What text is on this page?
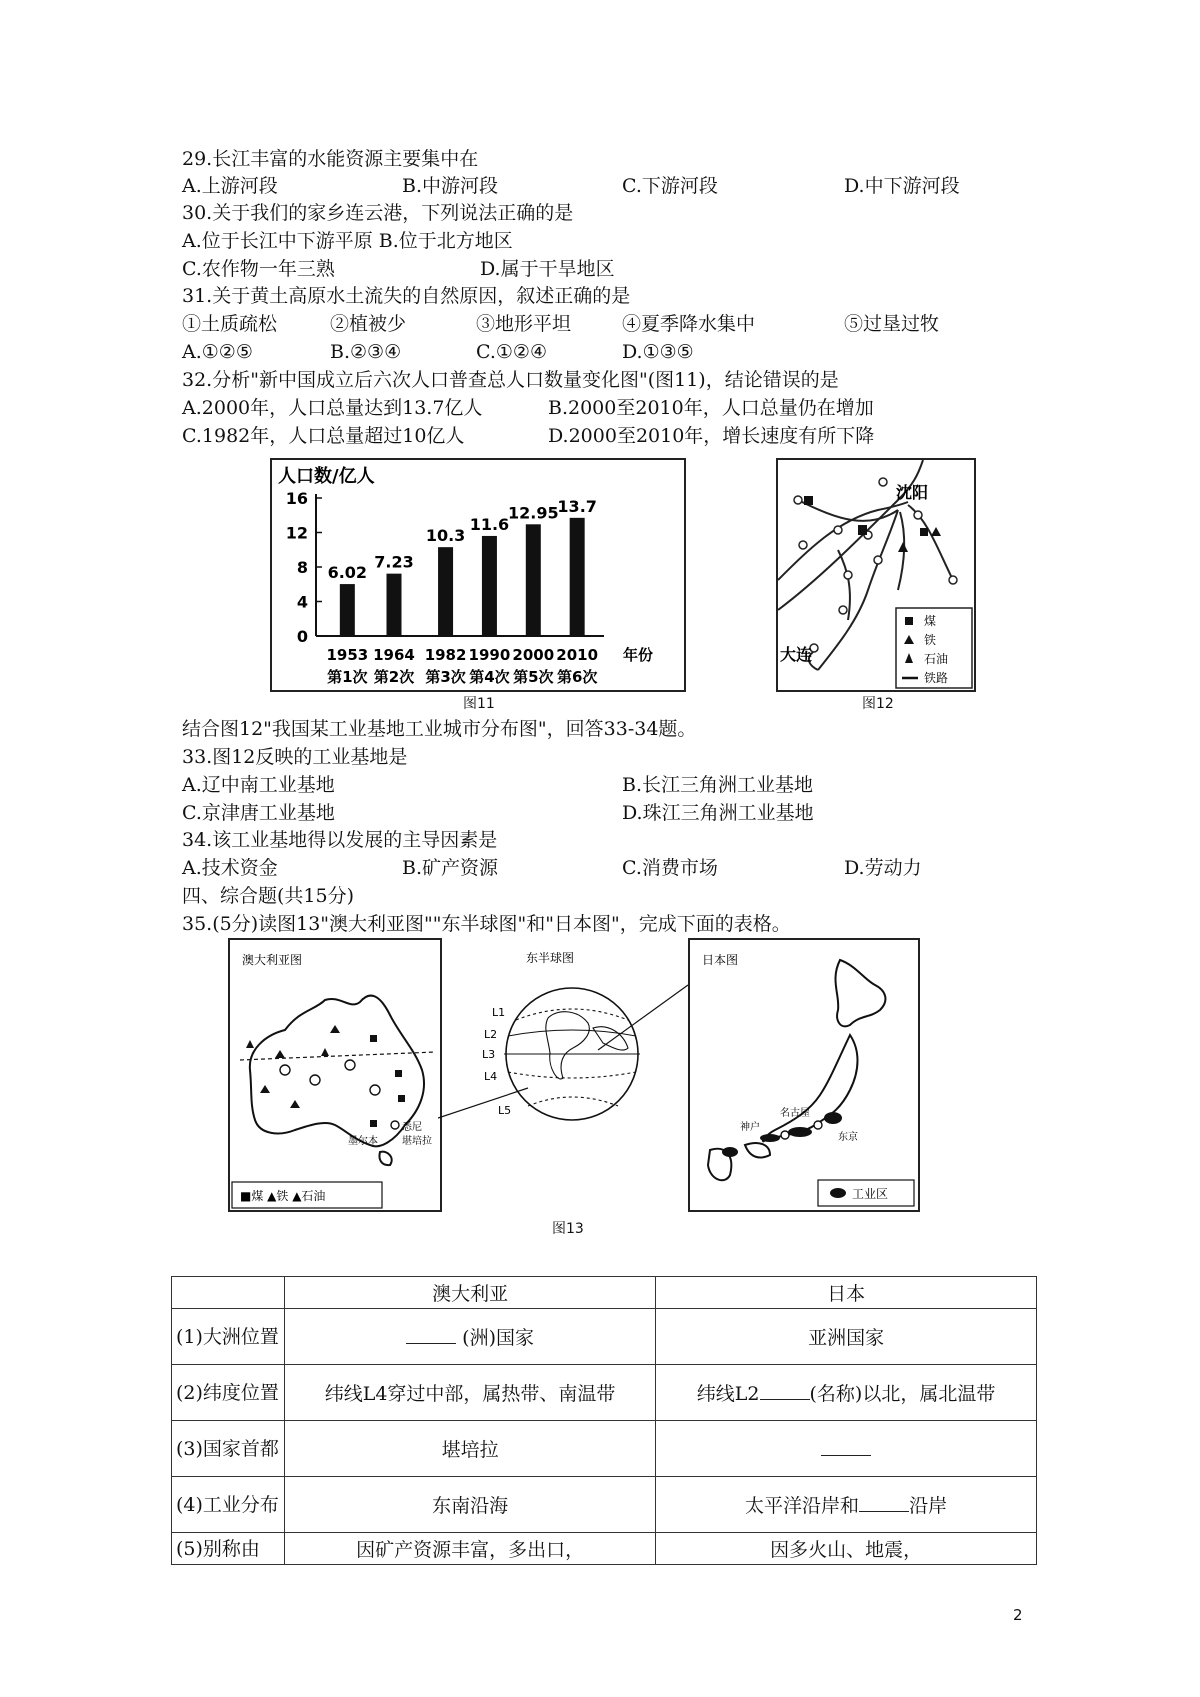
29.长江丰富的水能资源主要集中在
A.上游河段	B.中游河段	C.下游河段	D.中下游河段
30.关于我们的家乡连云港，下列说法正确的是
A.位于长江中下游平原 B.位于北方地区
C.农作物一年三熟	D.属于干旱地区
31.关于黄土高原水土流失的自然原因，叙述正确的是
①土质疏松	②植被少	③地形平坦	④夏季降水集中	⑤过垦过牧
A.①②⑤	B.②③④	C.①②④	D.①③⑤
32.分析"新中国成立后六次人口普查总人口数量变化图"(图11)，结论错误的是
A.2000年，人口总量达到13.7亿人	B.2000至2010年，人口总量仍在增加
C.1982年，人口总量超过10亿人	D.2000至2010年，增长速度有所下降
人口数/亿人
16
12
8
4
0
6.02
1953
第1次
7.23
1964
第2次
10.3
1982
第3次
11.6
1990
第4次
12.95
2000
第5次
13.7
2010
第6次
年份
图11
沈阳
大连
煤
铁
石油
铁路
图12
结合图12"我国某工业基地工业城市分布图"，回答33-34题。
33.图12反映的工业基地是
A.辽中南工业基地	B.长江三角洲工业基地
C.京津唐工业基地	D.珠江三角洲工业基地
34.该工业基地得以发展的主导因素是
A.技术资金	B.矿产资源	C.消费市场	D.劳动力
四、综合题(共15分)
35.(5分)读图13"澳大利亚图""东半球图"和"日本图"，完成下面的表格。
澳大利亚图
悉尼
墨尔本 堪培拉
■煤 ▲铁 ▲石油
东半球图
L1
L2
L3
L4
L5
日本图
神户
名古屋
东京
工业区
图13
	澳大利亚	日本
(1)大洲位置	(洲)国家	亚洲国家
(2)纬度位置	纬线L4穿过中部，属热带、南温带	纬线L2 (名称)以北，属北温带
(3)国家首都	堪培拉	
(4)工业分布	东南沿海	太平洋沿岸和 沿岸
(5)别称由	因矿产资源丰富，多出口，	因多火山、地震，
2
